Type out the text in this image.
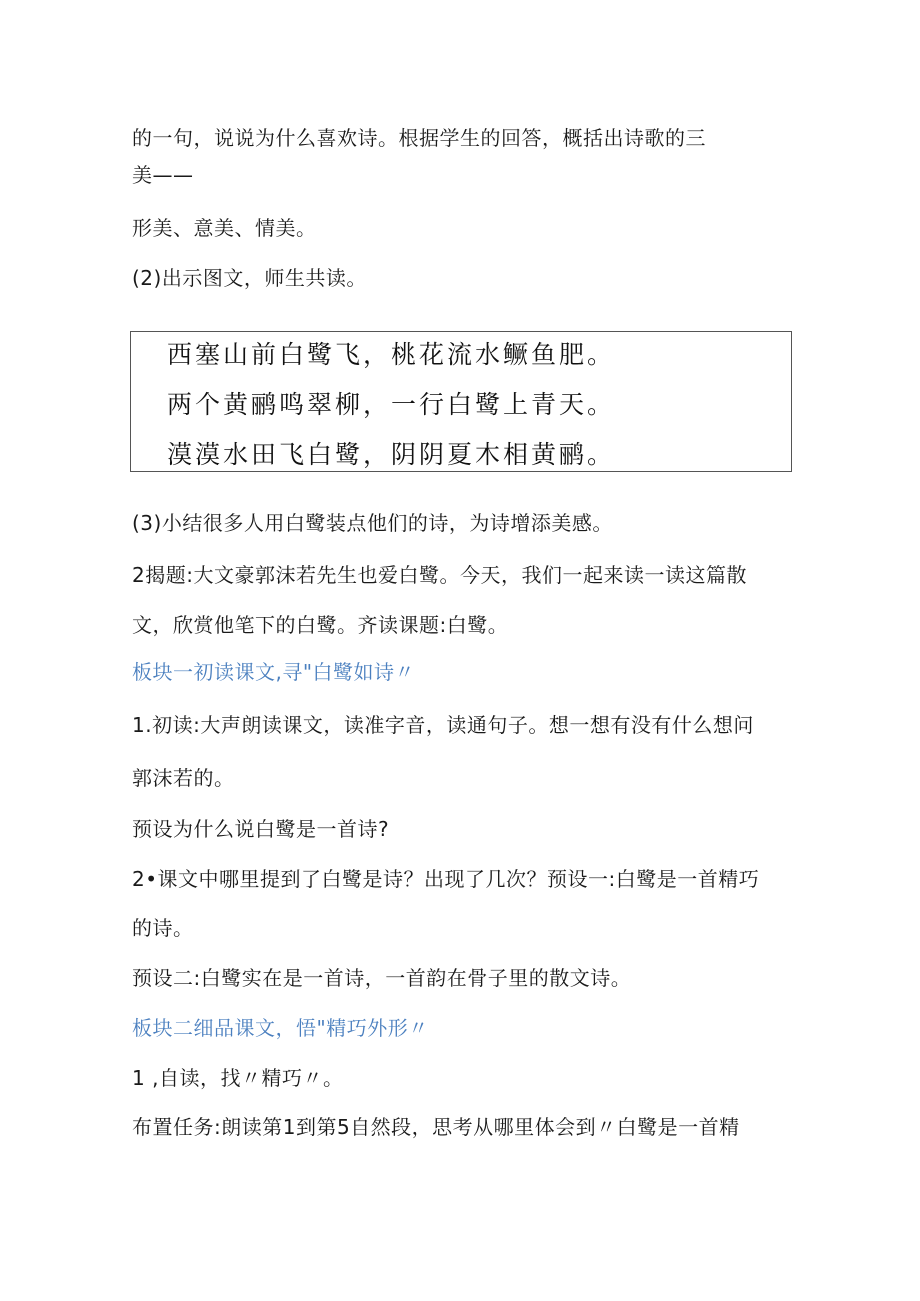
的一句，说说为什么喜欢诗。根据学生的回答，概括出诗歌的三
美——
形美、意美、情美。
(2)出示图文，师生共读。
西塞山前白鹭飞，桃花流水鳜鱼肥。
两个黄鹂鸣翠柳，一行白鹭上青天。
漠漠水田飞白鹭，阴阴夏木相黄鹂。
(3)小结很多人用白鹭装点他们的诗，为诗增添美感。
2揭题:大文豪郭沫若先生也爱白鹭。今天，我们一起来读一读这篇散
文，欣赏他笔下的白鹭。齐读课题:白鹭。
板块一初读课文,寻"白鹭如诗〃
1.初读:大声朗读课文，读准字音，读通句子。想一想有没有什么想问
郭沫若的。
预设为什么说白鹭是一首诗?
2•课文中哪里提到了白鹭是诗？出现了几次？预设一:白鹭是一首精巧
的诗。
预设二:白鹭实在是一首诗，一首韵在骨子里的散文诗。
板块二细品课文，悟"精巧外形〃
1 ,自读，找〃精巧〃。
布置任务:朗读第1到第5自然段，思考从哪里体会到〃白鹭是一首精
